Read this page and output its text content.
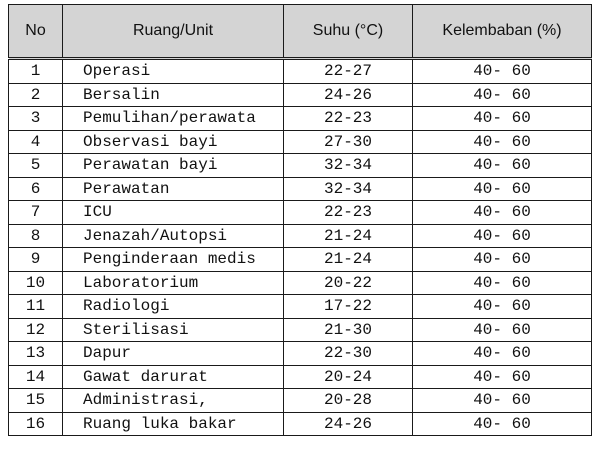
No	Ruang/Unit	Suhu (°C)	Kelembaban (%)
1	Operasi	22-27	40- 60
2	Bersalin	24-26	40- 60
3	Pemulihan/perawata	22-23	40- 60
4	Observasi bayi	27-30	40- 60
5	Perawatan bayi	32-34	40- 60
6	Perawatan	32-34	40- 60
7	ICU	22-23	40- 60
8	Jenazah/Autopsi	21-24	40- 60
9	Penginderaan medis	21-24	40- 60
10	Laboratorium	20-22	40- 60
11	Radiologi	17-22	40- 60
12	Sterilisasi	21-30	40- 60
13	Dapur	22-30	40- 60
14	Gawat darurat	20-24	40- 60
15	Administrasi,	20-28	40- 60
16	Ruang luka bakar	24-26	40- 60
